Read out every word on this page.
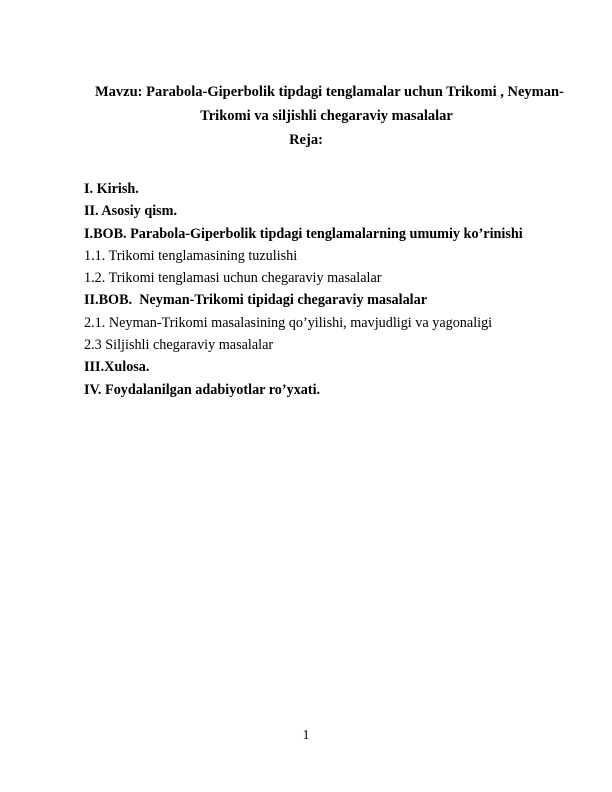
Mavzu: Parabola-Giperbolik tipdagi tenglamalar uchun Trikomi , Neyman-
Trikomi va siljishli chegaraviy masalalar
Reja:
I. Kirish.
II. Asosiy qism.
I.BOB. Parabola-Giperbolik tipdagi tenglamalarning umumiy ko’rinishi
1.1. Trikomi tenglamasining tuzulishi
1.2. Trikomi tenglamasi uchun chegaraviy masalalar
II.BOB.  Neyman-Trikomi tipidagi chegaraviy masalalar
2.1. Neyman-Trikomi masalasining qo’yilishi, mavjudligi va yagonaligi
2.3 Siljishli chegaraviy masalalar
III.Xulosa.
IV. Foydalanilgan adabiyotlar ro’yxati.
1
